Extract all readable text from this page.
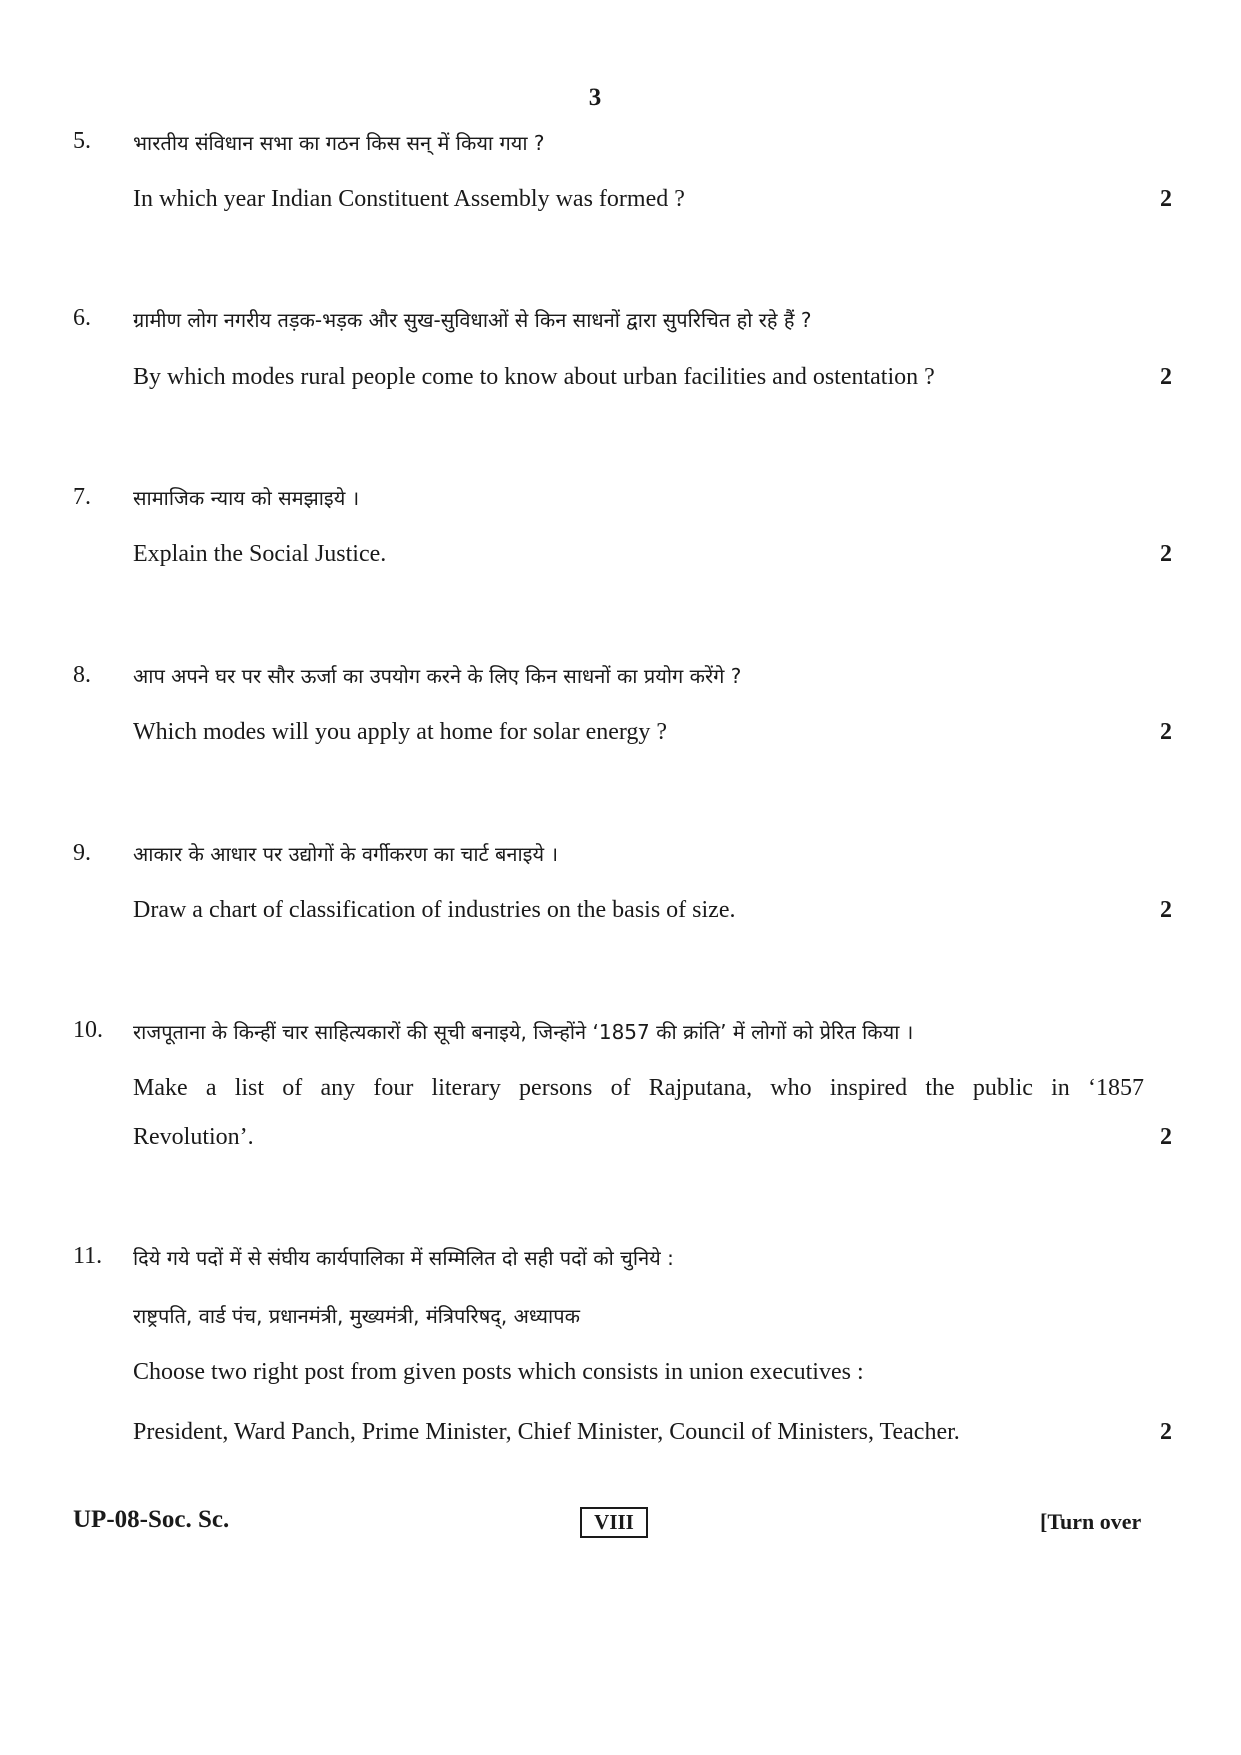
3
5. भारतीय संविधान सभा का गठन किस सन् में किया गया ?
In which year Indian Constituent Assembly was formed ?	2
6. ग्रामीण लोग नगरीय तड़क-भड़क और सुख-सुविधाओं से किन साधनों द्वारा सुपरिचित हो रहे हैं ?
By which modes rural people come to know about urban facilities and ostentation ?	2
7. सामाजिक न्याय को समझाइये ।
Explain the Social Justice.	2
8. आप अपने घर पर सौर ऊर्जा का उपयोग करने के लिए किन साधनों का प्रयोग करेंगे ?
Which modes will you apply at home for solar energy ?	2
9. आकार के आधार पर उद्योगों के वर्गीकरण का चार्ट बनाइये ।
Draw a chart of classification of industries on the basis of size.	2
10. राजपूताना के किन्हीं चार साहित्यकारों की सूची बनाइये, जिन्होंने ‘1857 की क्रांति’ में लोगों को प्रेरित किया ।
Make a list of any four literary persons of Rajputana, who inspired the public in ‘1857
Revolution’.	2
11. दिये गये पदों में से संघीय कार्यपालिका में सम्मिलित दो सही पदों को चुनिये :
राष्ट्रपति, वार्ड पंच, प्रधानमंत्री, मुख्यमंत्री, मंत्रिपरिषद्, अध्यापक
Choose two right post from given posts which consists in union executives :
President, Ward Panch, Prime Minister, Chief Minister, Council of Ministers, Teacher.	2
UP-08-Soc. Sc.	VIII	[Turn over
